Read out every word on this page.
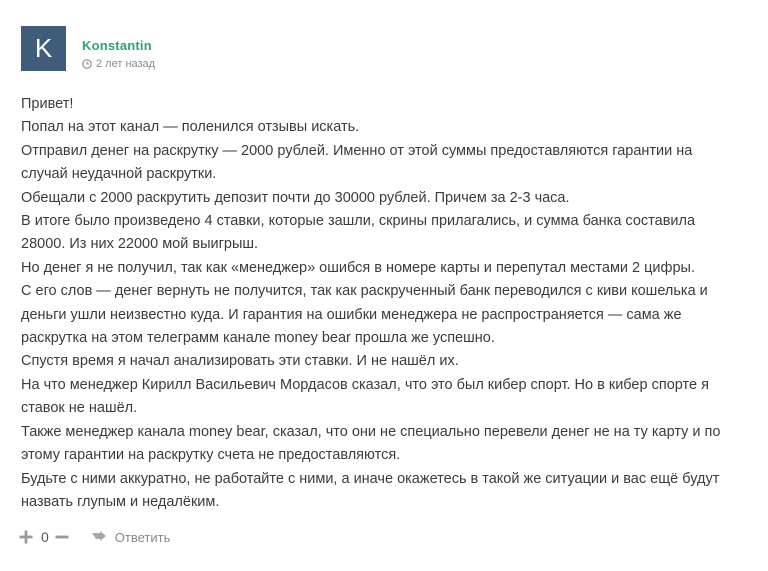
K	Konstantin
2 лет назад

Привет!

Попал на этот канал — поленился отзывы искать.

Отправил денег на раскрутку — 2000 рублей. Именно от этой суммы предоставляются гарантии на

случай неудачной раскрутки.

Обещали с 2000 раскрутить депозит почти до 30000 рублей. Причем за 2-3 часа.

В итоге было произведено 4 ставки, которые зашли, скрины прилагались, и сумма банка составила

28000. Из них 22000 мой выигрыш.

Но денег я не получил, так как «менеджер» ошибся в номере карты и перепутал местами 2 цифры.

С его слов — денег вернуть не получится, так как раскрученный банк переводился с киви кошелька и

деньги ушли неизвестно куда. И гарантия на ошибки менеджера не распространяется — сама же

раскрутка на этом телеграмм канале money bear прошла же успешно.

Спустя время я начал анализировать эти ставки. И не нашёл их.

На что менеджер Кирилл Васильевич Мордасов сказал, что это был кибер спорт. Но в кибер спорте я

ставок не нашёл.

Также менеджер канала money bear, сказал, что они не специально перевели денег не на ту карту и по

этому гарантии на раскрутку счета не предоставляются.

Будьте с ними аккуратно, не работайте с ними, а иначе окажетесь в такой же ситуации и вас ещё будут

назвать глупым и недалёким.

0	Ответить
